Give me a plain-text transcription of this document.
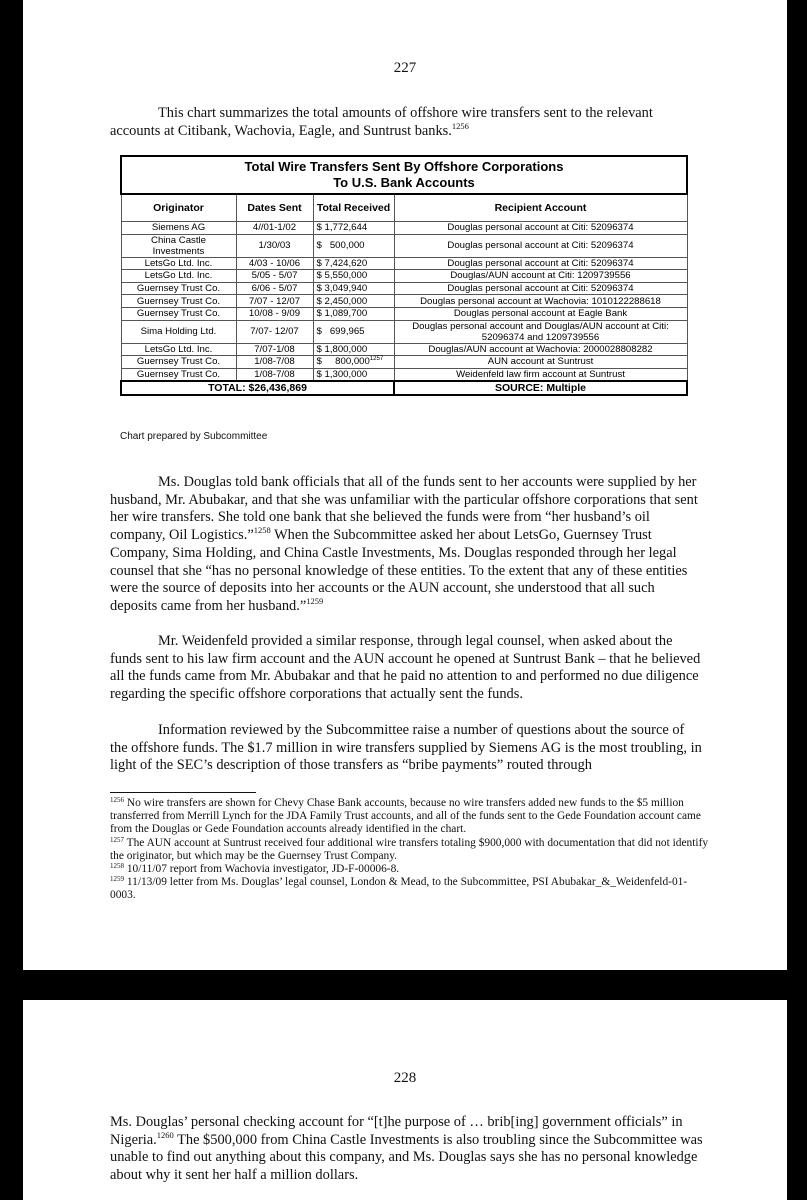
227

This chart summarizes the total amounts of offshore wire transfers sent to the relevant accounts at Citibank, Wachovia, Eagle, and Suntrust banks.$^{1256}$

Total Wire Transfers Sent By Offshore Corporations
To U.S. Bank Accounts			
Originator	Dates Sent	Total Received	Recipient Account
Siemens AG	4//01-1/02	$ 1,772,644	Douglas personal account at Citi: 52096374
China Castle Investments	1/30/03	$   500,000	Douglas personal account at Citi: 52096374
LetsGo Ltd. Inc.	4/03 - 10/06	$ 7,424,620	Douglas personal account at Citi: 52096374
LetsGo Ltd. Inc.	5/05 - 5/07	$ 5,550,000	Douglas/AUN account at Citi: 1209739556
Guernsey Trust Co.	6/06 - 5/07	$ 3,049,940	Douglas personal account at Citi: 52096374
Guernsey Trust Co.	7/07 - 12/07	$ 2,450,000	Douglas personal account at Wachovia: 1010122288618
Guernsey Trust Co.	10/08 - 9/09	$ 1,089,700	Douglas personal account at Eagle Bank
Sima Holding Ltd.	7/07- 12/07	$   699,965	Douglas personal account and Douglas/AUN account at Citi: 52096374 and 1209739556
LetsGo Ltd. Inc.	7/07-1/08	$ 1,800,000	Douglas/AUN account at Wachovia: 2000028808282
Guernsey Trust Co.	1/08-7/08	$     $800,000^{1257}$	AUN account at Suntrust
Guernsey Trust Co.	1/08-7/08	$ 1,300,000	Weidenfeld law firm account at Suntrust
TOTAL: $26,436,869			SOURCE: Multiple
Chart prepared by Subcommittee

Ms. Douglas told bank officials that all of the funds sent to her accounts were supplied by her husband, Mr. Abubakar, and that she was unfamiliar with the particular offshore corporations that sent her wire transfers. She told one bank that she believed the funds were from “her husband’s oil company, Oil Logistics.”$^{1258}$ When the Subcommittee asked her about LetsGo, Guernsey Trust Company, Sima Holding, and China Castle Investments, Ms. Douglas responded through her legal counsel that she “has no personal knowledge of these entities. To the extent that any of these entities were the source of deposits into her accounts or the AUN account, she understood that all such deposits came from her husband.”$^{1259}$

Mr. Weidenfeld provided a similar response, through legal counsel, when asked about the funds sent to his law firm account and the AUN account he opened at Suntrust Bank – that he believed all the funds came from Mr. Abubakar and that he paid no attention to and performed no due diligence regarding the specific offshore corporations that actually sent the funds.

Information reviewed by the Subcommittee raise a number of questions about the source of the offshore funds. The $1.7 million in wire transfers supplied by Siemens AG is the most troubling, in light of the SEC’s description of those transfers as “bribe payments” routed through

$^{1256}$ No wire transfers are shown for Chevy Chase Bank accounts, because no wire transfers added new funds to the $5 million transferred from Merrill Lynch for the JDA Family Trust accounts, and all of the funds sent to the Gede Foundation account came from the Douglas or Gede Foundation accounts already identified in the chart.

$^{1257}$ The AUN account at Suntrust received four additional wire transfers totaling $900,000 with documentation that did not identify the originator, but which may be the Guernsey Trust Company.

$^{1258}$ 10/11/07 report from Wachovia investigator, JD-F-00006-8.

$^{1259}$ 11/13/09 letter from Ms. Douglas’ legal counsel, London & Mead, to the Subcommittee, PSI Abubakar_&_Weidenfeld-01-0003.

228

Ms. Douglas’ personal checking account for “[t]he purpose of … brib[ing] government officials” in Nigeria.$^{1260}$ The $500,000 from China Castle Investments is also troubling since the Subcommittee was unable to find out anything about this company, and Ms. Douglas says she has no personal knowledge about why it sent her half a million dollars.
